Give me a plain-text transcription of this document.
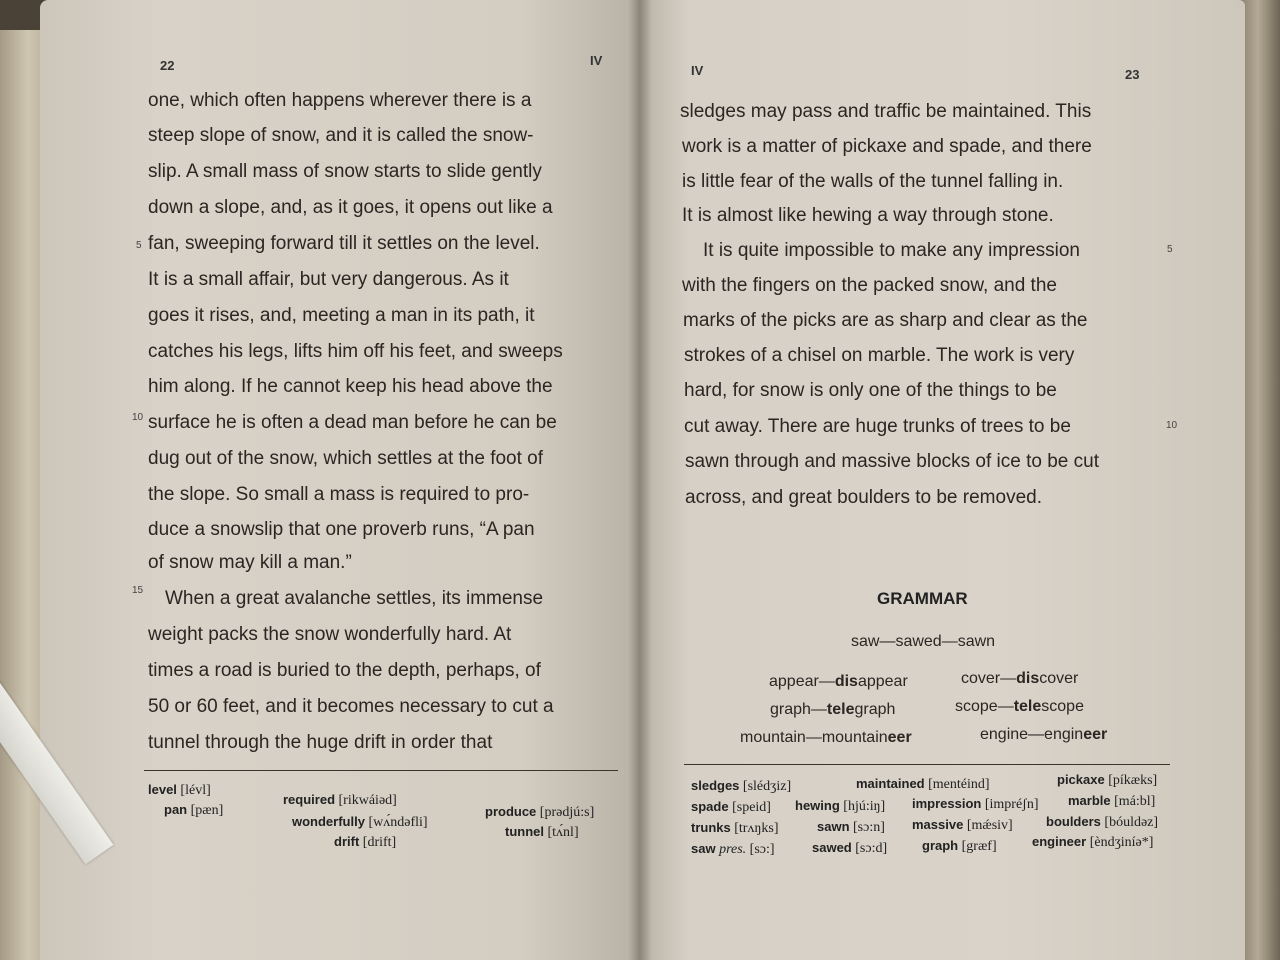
22	IV
one, which often happens wherever there is a
steep slope of snow, and it is called the snow-
slip. A small mass of snow starts to slide gently
down a slope, and, as it goes, it opens out like a
fan, sweeping forward till it settles on the level.
It is a small affair, but very dangerous. As it
goes it rises, and, meeting a man in its path, it
catches his legs, lifts him off his feet, and sweeps
him along. If he cannot keep his head above the
surface he is often a dead man before he can be
dug out of the snow, which settles at the foot of
the slope. So small a mass is required to pro-
duce a snowslip that one proverb runs, “A pan
of snow may kill a man.”
When a great avalanche settles, its immense
weight packs the snow wonderfully hard. At
times a road is buried to the depth, perhaps, of
50 or 60 feet, and it becomes necessary to cut a
tunnel through the huge drift in order that
5
10
15
level [lévl]
pan [pæn]
required [rikwáiəd]
wonderfully [wʌ́ndəfli]
drift [drift]
produce [prədjú:s]
tunnel [tʌ́nl]
IV	23
sledges may pass and traffic be maintained. This
work is a matter of pickaxe and spade, and there
is little fear of the walls of the tunnel falling in.
It is almost like hewing a way through stone.
It is quite impossible to make any impression
with the fingers on the packed snow, and the
marks of the picks are as sharp and clear as the
strokes of a chisel on marble. The work is very
hard, for snow is only one of the things to be
cut away. There are huge trunks of trees to be
sawn through and massive blocks of ice to be cut
across, and great boulders to be removed.
5
10
GRAMMAR
saw—sawed—sawn
appear—disappear	cover—discover
graph—telegraph	scope—telescope
mountain—mountaineer	engine—engineer
sledges [slédʒiz]	maintained [mentéind]	pickaxe [píkæks]
spade [speid] hewing [hjú:iŋ] impression [impréʃn] marble [má:bl]
trunks [trʌŋks]	sawn [sɔ:n] massive [mǽsiv]	boulders [bóuldəz]
saw pres. [sɔ:]	sawed [sɔ:d]	graph [græf]	engineer [èndʒiníə*]
